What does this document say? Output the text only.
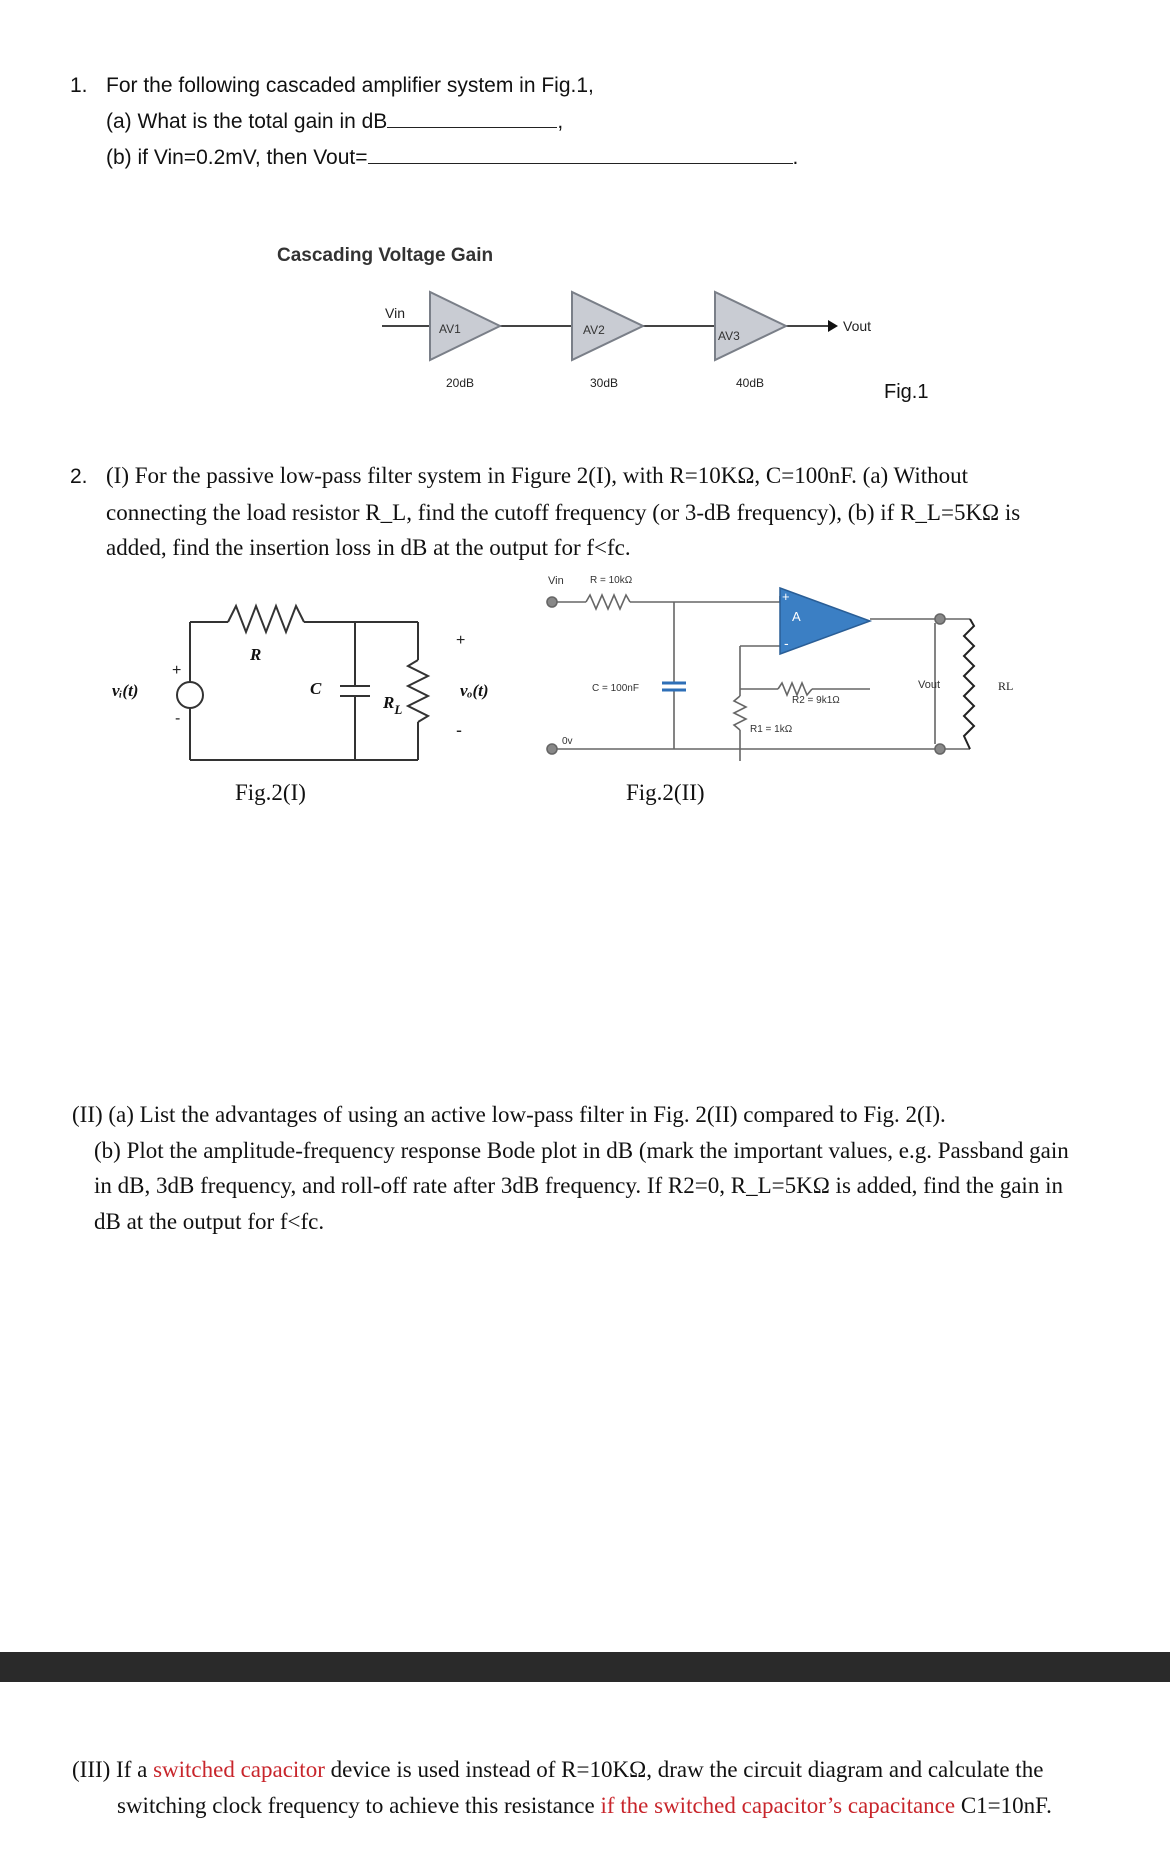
1. For the following cascaded amplifier system in Fig.1,
(a) What is the total gain in dB	,
(b) if Vin=0.2mV, then Vout=	.
Cascading Voltage Gain
Vin
Vout
AV1
20dB
AV2
30dB
AV3
40dB	Fig.1
2. (I) For the passive low-pass filter system in Figure 2(I), with R=10KΩ, C=100nF. (a) Without
connecting the load resistor R_L, find the cutoff frequency (or 3-dB frequency), (b) if R_L=5KΩ is
added, find the insertion loss in dB at the output for f<fc.
+
-
vᵢ(t)
R
C
$R_L$
+
vₒ(t)
-
Fig.2(I)
+
-
A
Vin	R = 10kΩ
C = 100nF
0v
R2 = 9k1Ω
R1 = 1kΩ
Vout	RL
Fig.2(II)
(II) (a) List the advantages of using an active low-pass filter in Fig. 2(II) compared to Fig. 2(I).
(b) Plot the amplitude-frequency response Bode plot in dB (mark the important values, e.g. Passband gain
in dB, 3dB frequency, and roll-off rate after 3dB frequency. If R2=0, R_L=5KΩ is added, find the gain in
dB at the output for f<fc.
(III) If a switched capacitor device is used instead of R=10KΩ, draw the circuit diagram and calculate the
switching clock frequency to achieve this resistance if the switched capacitor’s capacitance C1=10nF.
